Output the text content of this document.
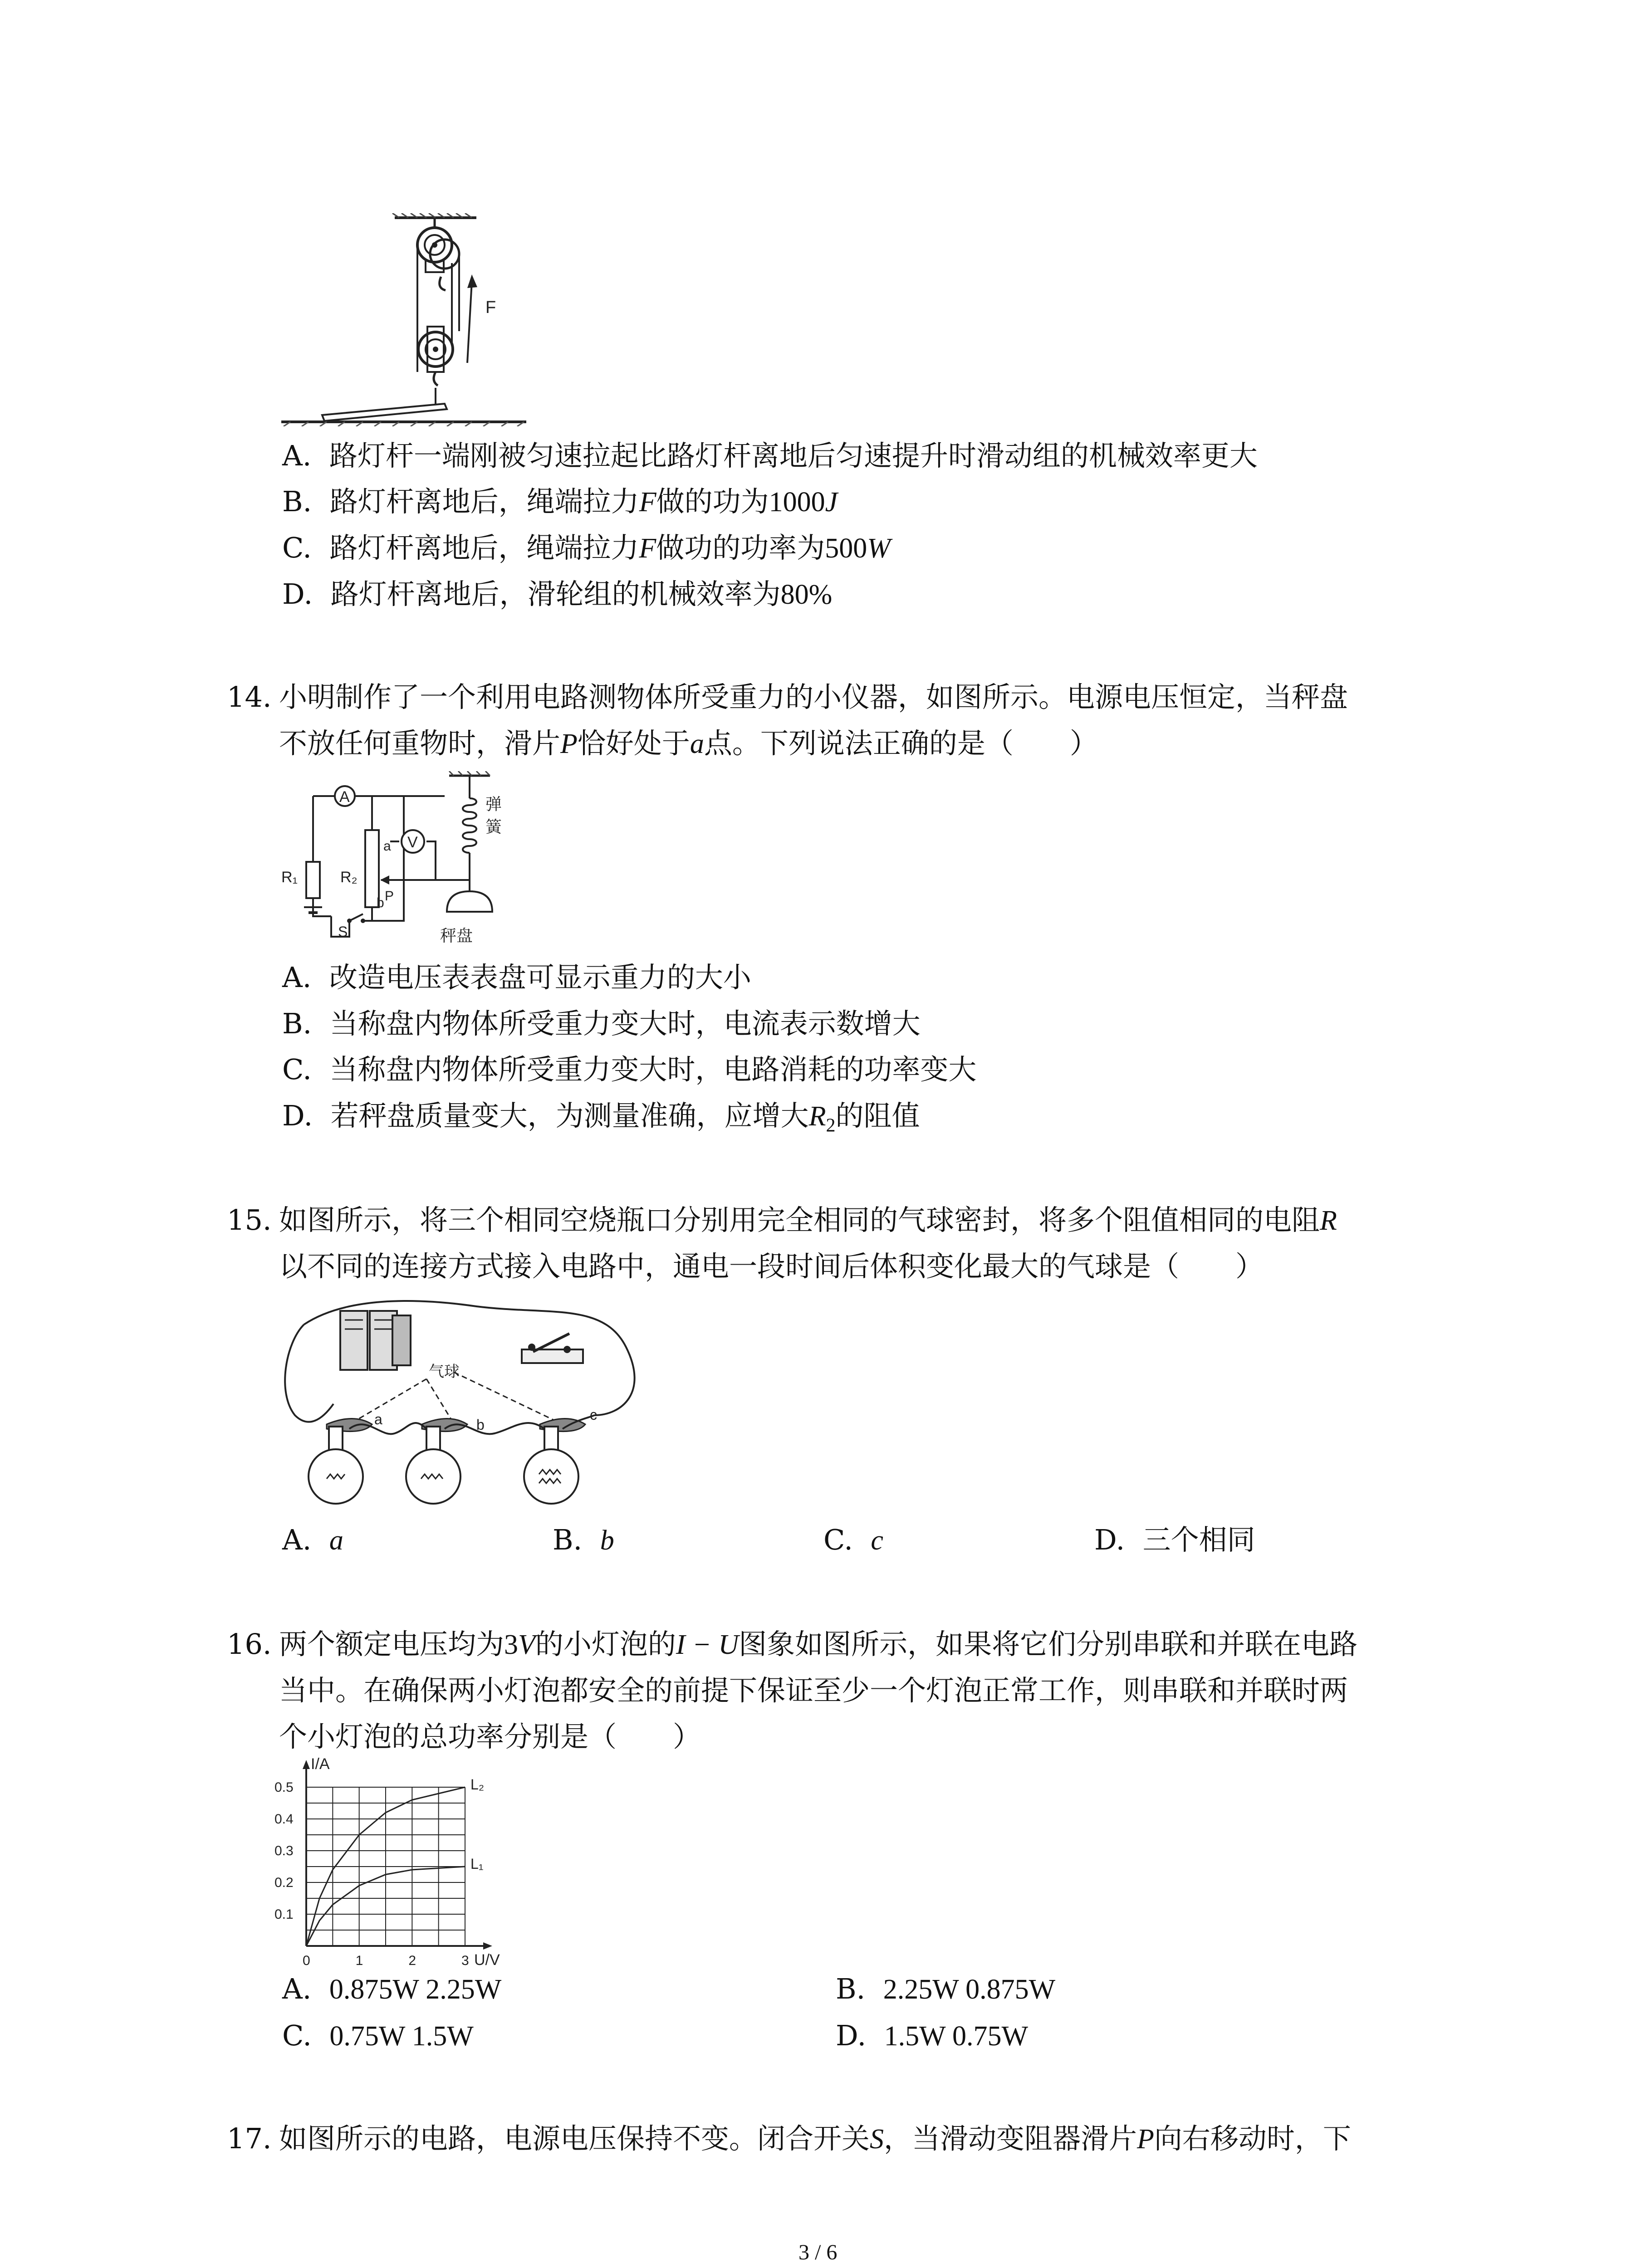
F
A. 路灯杆一端刚被匀速拉起比路灯杆离地后匀速提升时滑动组的机械效率更大
B. 路灯杆离地后，绳端拉力F做的功为1000J
C. 路灯杆离地后，绳端拉力F做功的功率为500W
D. 路灯杆离地后，滑轮组的机械效率为80%
14. 小明制作了一个利用电路测物体所受重力的小仪器，如图所示。电源电压恒定，当秤盘
不放任何重物时，滑片P恰好处于a点。下列说法正确的是（　　）
A
V
R₁	R₂
a
b P
S
弹
簧
秤盘
A. 改造电压表表盘可显示重力的大小
B. 当称盘内物体所受重力变大时，电流表示数增大
C. 当称盘内物体所受重力变大时，电路消耗的功率变大
D. 若秤盘质量变大，为测量准确，应增大$R_2$的阻值
15. 如图所示，将三个相同空烧瓶口分别用完全相同的气球密封，将多个阻值相同的电阻R
以不同的连接方式接入电路中，通电一段时间后体积变化最大的气球是（　　）
气球
a	b
c
A. a	B. b	C. c	D. 三个相同
16. 两个额定电压均为3V的小灯泡的I − U图象如图所示，如果将它们分别串联和并联在电路
当中。在确保两小灯泡都安全的前提下保证至少一个灯泡正常工作，则串联和并联时两
个小灯泡的总功率分别是（　　）
0.1
0.2
0.3
0.4
0.5
0	1	2	3
L₂
L₁
I/A
U/V
A. 0.875W 2.25W	B. 2.25W 0.875W
C. 0.75W 1.5W	D. 1.5W 0.75W
17. 如图所示的电路，电源电压保持不变。闭合开关S，当滑动变阻器滑片P向右移动时，下
3 / 6
